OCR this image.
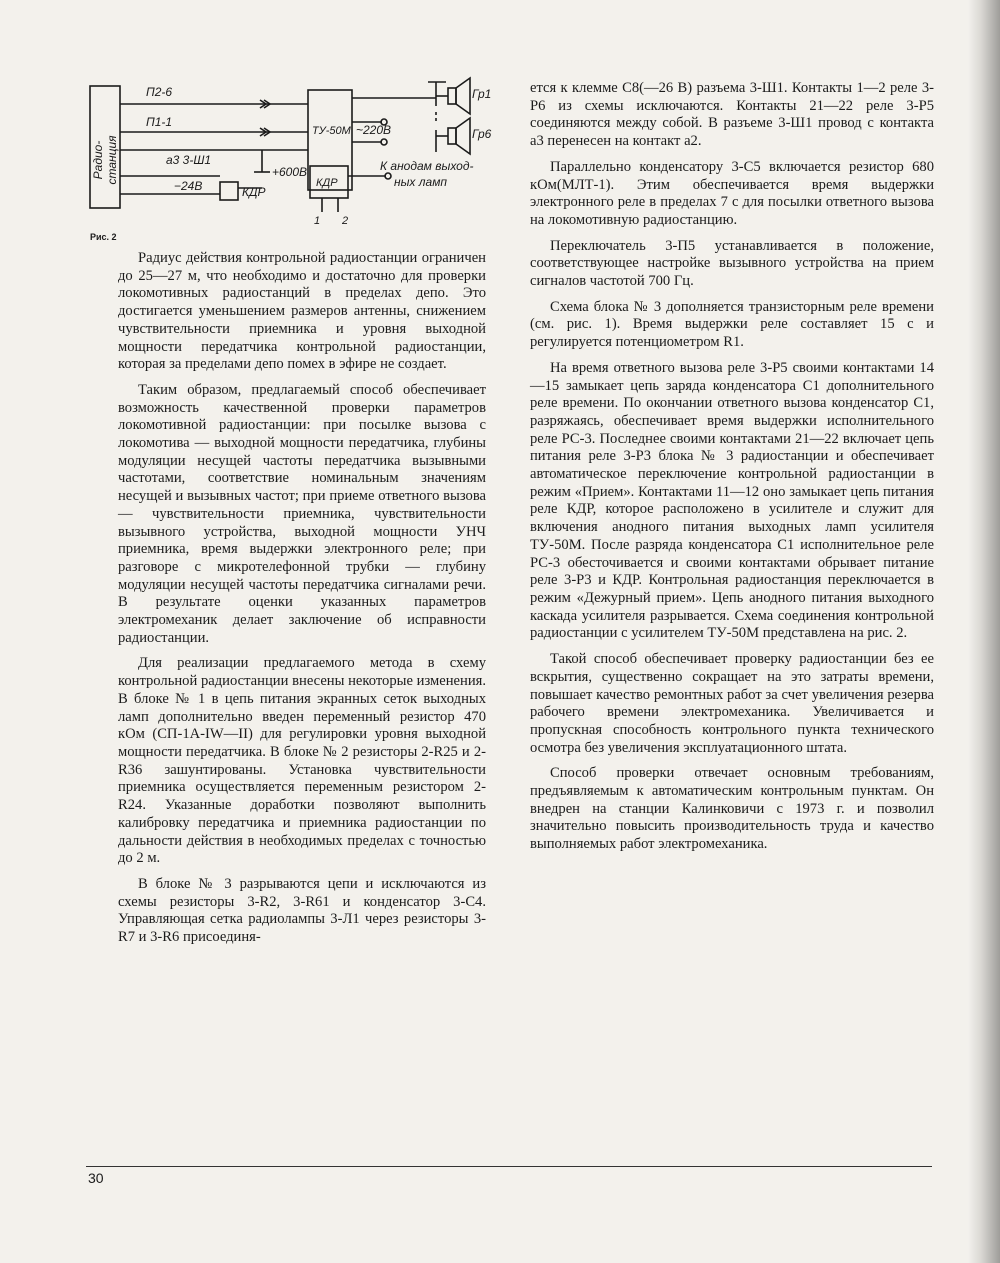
Радио-станция
П2-6
П1-1
а3 3-Ш1
−24В	КДР
+600В
ТУ-50М ~220В
Гр1
Гр6
КДР
1 2
К анодам выход-
ных ламп
Рис. 2

Радиус действия контрольной радиостанции ограничен до 25—27 м, что необходимо и достаточно для проверки локомотивных радиостанций в пределах депо. Это достигается уменьшением размеров антенны, снижением чувствительности приемника и уровня выходной мощности передатчика контрольной радиостанции, которая за пределами депо помех в эфире не создает.

Таким образом, предлагаемый способ обеспечивает возможность качественной проверки параметров локомотивной радиостанции: при посылке вызова с локомотива — выходной мощности передатчика, глубины модуляции несущей частоты передатчика вызывными частотами, соответствие номинальным значениям несущей и вызывных частот; при приеме ответного вызова — чувствительности приемника, чувствительности вызывного устройства, выходной мощности УНЧ приемника, время выдержки электронного реле; при разговоре с микротелефонной трубки — глубину модуляции несущей частоты передатчика сигналами речи. В результате оценки указанных параметров электромеханик делает заключение об исправности радиостанции.

Для реализации предлагаемого метода в схему контрольной радиостанции внесены некоторые изменения. В блоке № 1 в цепь питания экранных сеток выходных ламп дополнительно введен переменный резистор 470 кОм (СП-1А-IW—II) для регулировки уровня выходной мощности передатчика. В блоке № 2 резисторы 2-R25 и 2-R36 зашунтированы. Установка чувствительности приемника осуществляется переменным резистором 2-R24. Указанные доработки позволяют выполнить калибровку передатчика и приемника радиостанции по дальности действия в необходимых пределах с точностью до 2 м.

В блоке № 3 разрываются цепи и исключаются из схемы резисторы 3-R2, 3-R61 и конденсатор 3-С4. Управляющая сетка радиолампы 3-Л1 через резисторы 3-R7 и 3-R6 присоединя-

ется к клемме С8(—26 В) разъема 3-Ш1. Контакты 1—2 реле 3-Р6 из схемы исключаются. Контакты 21—22 реле 3-Р5 соединяются между собой. В разъеме 3-Ш1 провод с контакта а3 перенесен на контакт а2.

Параллельно конденсатору 3-С5 включается резистор 680 кОм(МЛТ-1). Этим обеспечивается время выдержки электронного реле в пределах 7 с для посылки ответного вызова на локомотивную радиостанцию.

Переключатель 3-П5 устанавливается в положение, соответствующее настройке вызывного устройства на прием сигналов частотой 700 Гц.

Схема блока № 3 дополняется транзисторным реле времени (см. рис. 1). Время выдержки реле составляет 15 с и регулируется потенциометром R1.

На время ответного вызова реле 3-Р5 своими контактами 14—15 замыкает цепь заряда конденсатора С1 дополнительного реле времени. По окончании ответного вызова конденсатор С1, разряжаясь, обеспечивает время выдержки исполнительного реле РС-3. Последнее своими контактами 21—22 включает цепь питания реле 3-Р3 блока № 3 радиостанции и обеспечивает автоматическое переключение контрольной радиостанции в режим «Прием». Контактами 11—12 оно замыкает цепь питания реле КДР, которое расположено в усилителе и служит для включения анодного питания выходных ламп усилителя ТУ-50М. После разряда конденсатора С1 исполнительное реле РС-3 обесточивается и своими контактами обрывает питание реле 3-Р3 и КДР. Контрольная радиостанция переключается в режим «Дежурный прием». Цепь анодного питания выходного каскада усилителя разрывается. Схема соединения контрольной радиостанции с усилителем ТУ-50М представлена на рис. 2.

Такой способ обеспечивает проверку радиостанции без ее вскрытия, существенно сокращает на это затраты времени, повышает качество ремонтных работ за счет увеличения резерва рабочего времени электромеханика. Увеличивается и пропускная способность контрольного пункта технического осмотра без увеличения эксплуатационного штата.

Способ проверки отвечает основным требованиям, предъявляемым к автоматическим контрольным пунктам. Он внедрен на станции Калинковичи с 1973 г. и позволил значительно повысить производительность труда и качество выполняемых работ электромеханика.

30
